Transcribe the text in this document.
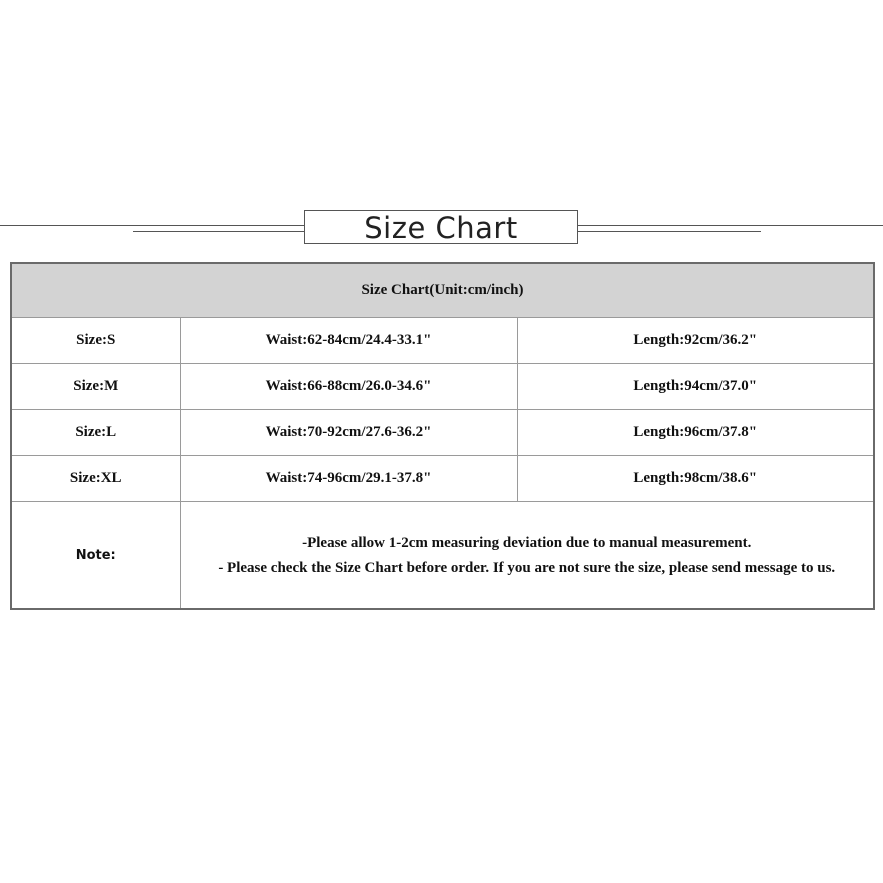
Size Chart
Size Chart(Unit:cm/inch)		
Size:S	Waist:62-84cm/24.4-33.1"	Length:92cm/36.2"
Size:M	Waist:66-88cm/26.0-34.6"	Length:94cm/37.0"
Size:L	Waist:70-92cm/27.6-36.2"	Length:96cm/37.8"
Size:XL	Waist:74-96cm/29.1-37.8"	Length:98cm/38.6"
Note:	-Please allow 1-2cm measuring deviation due to manual measurement.
- Please check the Size Chart before order. If you are not sure the size, please send message to us.	
